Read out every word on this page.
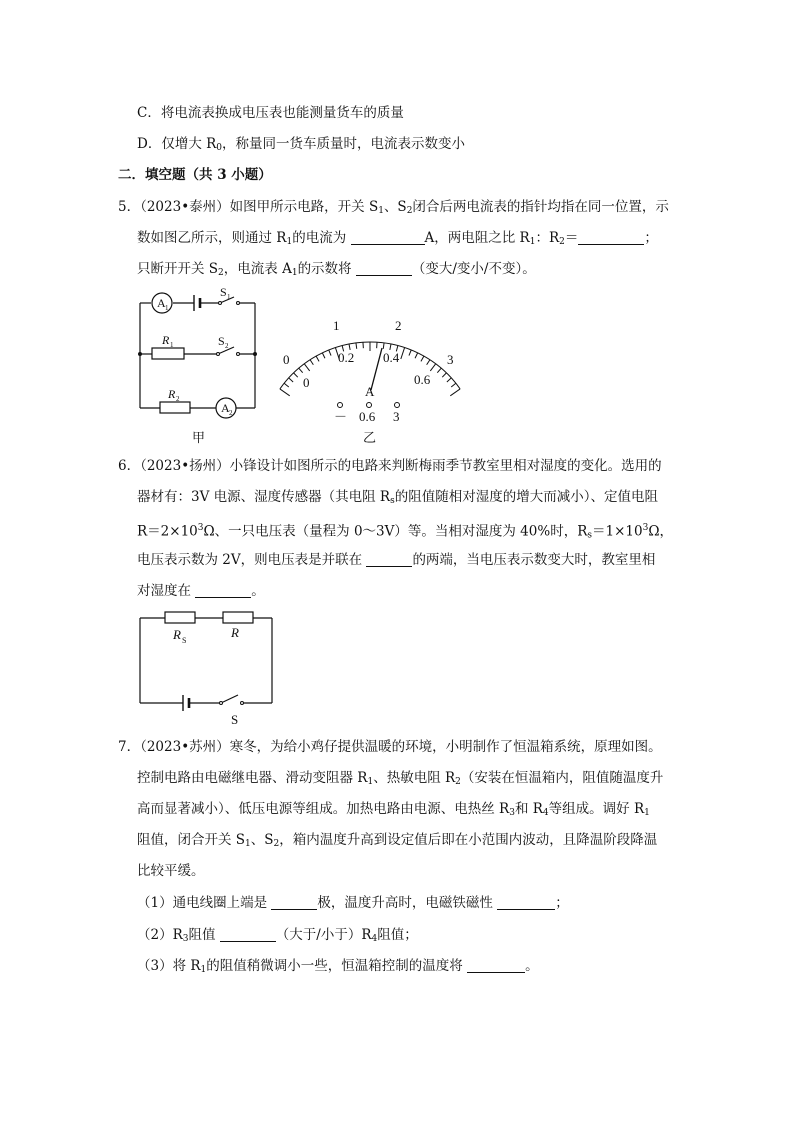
C．将电流表换成电压表也能测量货车的质量
D．仅增大 $R_0$，称量同一货车质量时，电流表示数变小
二．填空题（共 3 小题）
5．（2023•泰州）如图甲所示电路，开关 $S_1$、$S_2$闭合后两电流表的指针均指在同一位置，示
数如图乙所示，则通过 $R_1$的电流为	A，两电阻之比 $R_1$：$R_2=$	；
只断开开关 $S_2$，电流表 $A_1$的示数将	（变大/变小/不变）。
A 1
S 1
R 1	S 2
R 2
A 2
甲
0
1	2
3
0
0.2 0.4
0.6
A
－ 0.6 3
乙
6．（2023•扬州）小锋设计如图所示的电路来判断梅雨季节教室里相对湿度的变化。选用的
器材有：3V 电源、湿度传感器（其电阻 $R_s$的阻值随相对湿度的增大而减小）、定值电阻
$R=2\times 10^3\Omega$、一只电压表（量程为 0～3V）等。当相对湿度为 40%时，$R_s=1\times 10^3\Omega$，
电压表示数为 2V，则电压表是并联在	的两端，当电压表示数变大时，教室里相
对湿度在	。
R S
R
S
7．（2023•苏州）寒冬，为给小鸡仔提供温暖的环境，小明制作了恒温箱系统，原理如图。
控制电路由电磁继电器、滑动变阻器 $R_1$、热敏电阻 $R_2$（安装在恒温箱内，阻值随温度升
高而显著减小）、低压电源等组成。加热电路由电源、电热丝 $R_3$和 $R_4$等组成。调好 $R_1$
阻值，闭合开关 $S_1$、$S_2$，箱内温度升高到设定值后即在小范围内波动，且降温阶段降温
比较平缓。
（1）通电线圈上端是	极，温度升高时，电磁铁磁性	；
$(2)R_3$阻值	（大于/小于）$R_4$阻值；
（3）将 $R_1$的阻值稍微调小一些，恒温箱控制的温度将	。
